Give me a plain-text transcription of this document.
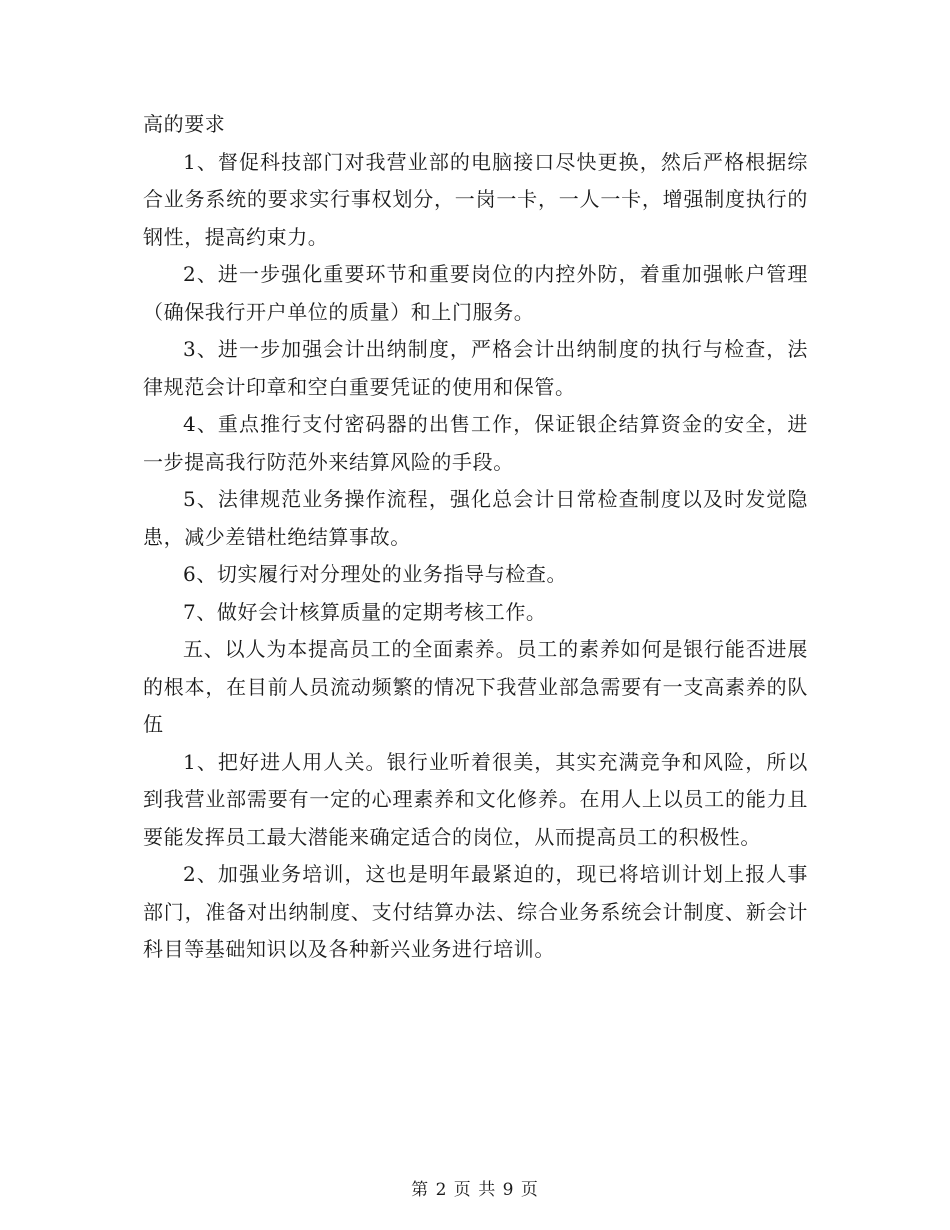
高的要求

1、督促科技部门对我营业部的电脑接口尽快更换，然后严格根据综合业务系统的要求实行事权划分，一岗一卡，一人一卡，增强制度执行的钢性，提高约束力。

2、进一步强化重要环节和重要岗位的内控外防，着重加强帐户管理（确保我行开户单位的质量）和上门服务。

3、进一步加强会计出纳制度，严格会计出纳制度的执行与检查，法律规范会计印章和空白重要凭证的使用和保管。

4、重点推行支付密码器的出售工作，保证银企结算资金的安全，进一步提高我行防范外来结算风险的手段。

5、法律规范业务操作流程，强化总会计日常检查制度以及时发觉隐患，减少差错杜绝结算事故。

6、切实履行对分理处的业务指导与检查。

7、做好会计核算质量的定期考核工作。

五、以人为本提高员工的全面素养。员工的素养如何是银行能否进展的根本，在目前人员流动频繁的情况下我营业部急需要有一支高素养的队伍

1、把好进人用人关。银行业听着很美，其实充满竞争和风险，所以到我营业部需要有一定的心理素养和文化修养。在用人上以员工的能力且要能发挥员工最大潜能来确定适合的岗位，从而提高员工的积极性。

2、加强业务培训，这也是明年最紧迫的，现已将培训计划上报人事部门，准备对出纳制度、支付结算办法、综合业务系统会计制度、新会计科目等基础知识以及各种新兴业务进行培训。

第 2 页 共 9 页
